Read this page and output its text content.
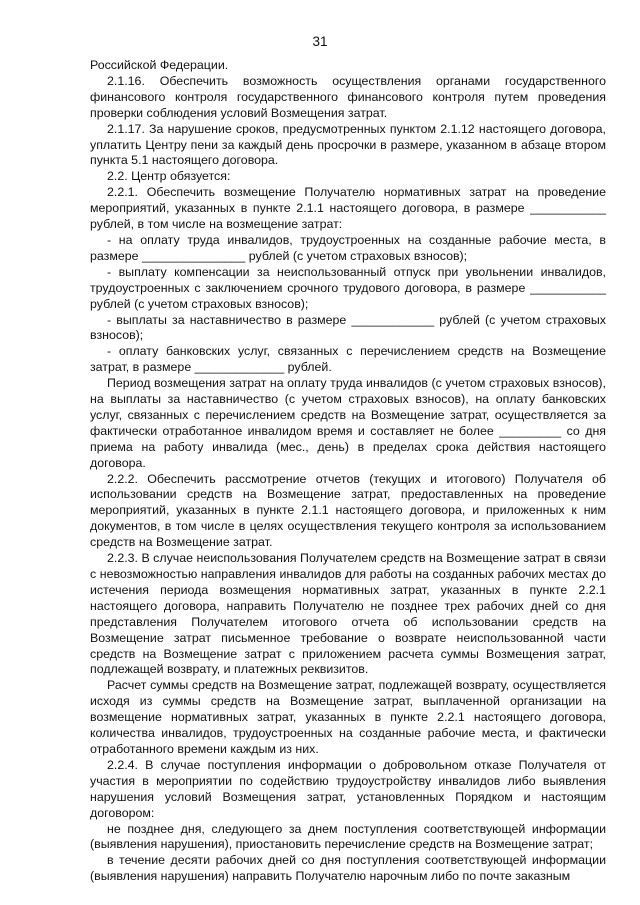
31

Российской Федерации.

2.1.16. Обеспечить возможность осуществления органами государственного финансового контроля государственного финансового контроля путем проведения проверки соблюдения условий Возмещения затрат.

2.1.17. За нарушение сроков, предусмотренных пунктом 2.1.12 настоящего договора, уплатить Центру пени за каждый день просрочки в размере, указанном в абзаце втором пункта 5.1 настоящего договора.

2.2. Центр обязуется:

2.2.1. Обеспечить возмещение Получателю нормативных затрат на проведение мероприятий, указанных в пункте 2.1.1 настоящего договора, в размере ___________ рублей, в том числе на возмещение затрат:

- на оплату труда инвалидов, трудоустроенных на созданные рабочие места, в размере _______________ рублей (с учетом страховых взносов);

- выплату компенсации за неиспользованный отпуск при увольнении инвалидов, трудоустроенных с заключением срочного трудового договора, в размере ___________ рублей (с учетом страховых взносов);

- выплаты за наставничество в размере ____________ рублей (с учетом страховых взносов);

- оплату банковских услуг, связанных с перечислением средств на Возмещение затрат, в размере _____________ рублей.

Период возмещения затрат на оплату труда инвалидов (с учетом страховых взносов), на выплаты за наставничество (с учетом страховых взносов), на оплату банковских услуг, связанных с перечислением средств на Возмещение затрат, осуществляется за фактически отработанное инвалидом время и составляет не более _________ со дня приема на работу инвалида (мес., день) в пределах срока действия настоящего договора.

2.2.2. Обеспечить рассмотрение отчетов (текущих и итогового) Получателя об использовании средств на Возмещение затрат, предоставленных на проведение мероприятий, указанных в пункте 2.1.1 настоящего договора, и приложенных к ним документов, в том числе в целях осуществления текущего контроля за использованием средств на Возмещение затрат.

2.2.3. В случае неиспользования Получателем средств на Возмещение затрат в связи с невозможностью направления инвалидов для работы на созданных рабочих местах до истечения периода возмещения нормативных затрат, указанных в пункте 2.2.1 настоящего договора, направить Получателю не позднее трех рабочих дней со дня представления Получателем итогового отчета об использовании средств на Возмещение затрат письменное требование о возврате неиспользованной части средств на Возмещение затрат с приложением расчета суммы Возмещения затрат, подлежащей возврату, и платежных реквизитов.

Расчет суммы средств на Возмещение затрат, подлежащей возврату, осуществляется исходя из суммы средств на Возмещение затрат, выплаченной организации на возмещение нормативных затрат, указанных в пункте 2.2.1 настоящего договора, количества инвалидов, трудоустроенных на созданные рабочие места, и фактически отработанного времени каждым из них.

2.2.4. В случае поступления информации о добровольном отказе Получателя от участия в мероприятии по содействию трудоустройству инвалидов либо выявления нарушения условий Возмещения затрат, установленных Порядком и настоящим договором:

не позднее дня, следующего за днем поступления соответствующей информации (выявления нарушения), приостановить перечисление средств на Возмещение затрат;

в течение десяти рабочих дней со дня поступления соответствующей информации (выявления нарушения) направить Получателю нарочным либо по почте заказным
